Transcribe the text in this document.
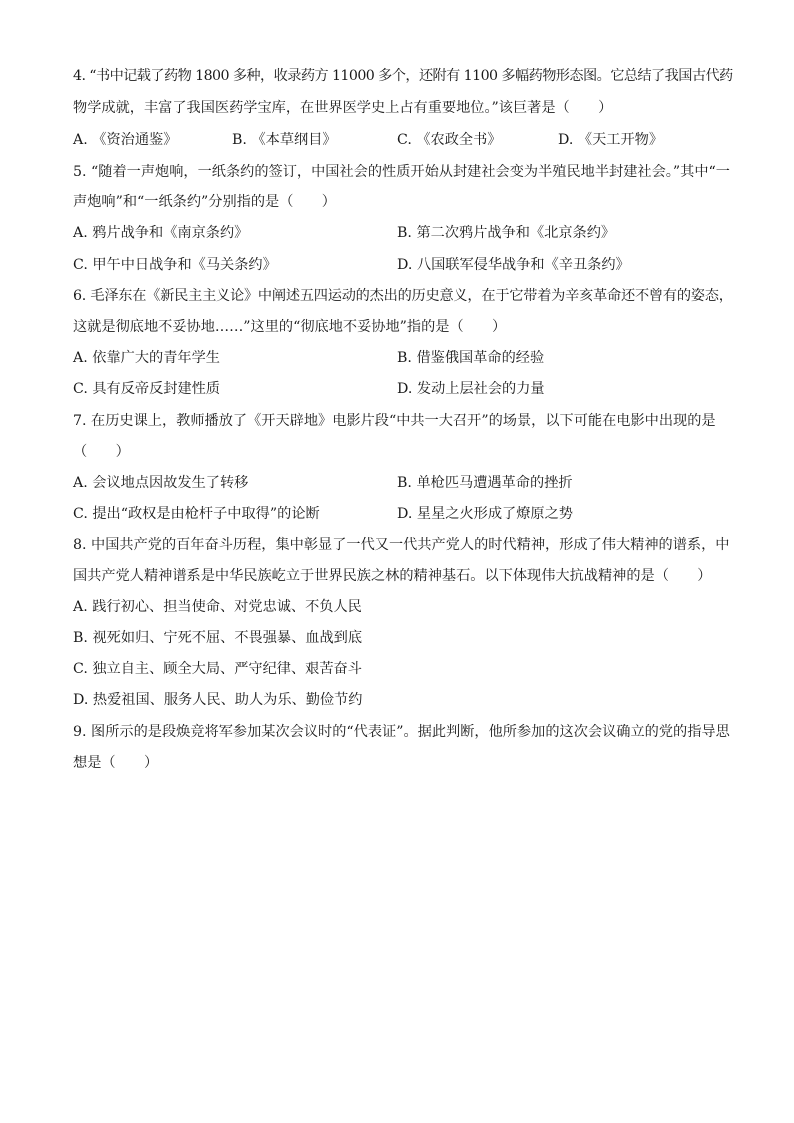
4. “书中记载了药物 1800 多种，收录药方 11000 多个，还附有 1100 多幅药物形态图。它总结了我国古代药
物学成就，丰富了我国医药学宝库，在世界医学史上占有重要地位。”该巨著是（　　）
A. 《资治通鉴》	B. 《本草纲目》	C. 《农政全书》	D. 《天工开物》
5. “随着一声炮响，一纸条约的签订，中国社会的性质开始从封建社会变为半殖民地半封建社会。”其中“一
声炮响”和“一纸条约”分别指的是（　　）
A. 鸦片战争和《南京条约》	B. 第二次鸦片战争和《北京条约》
C. 甲午中日战争和《马关条约》	D. 八国联军侵华战争和《辛丑条约》
6. 毛泽东在《新民主主义论》中阐述五四运动的杰出的历史意义，在于它带着为辛亥革命还不曾有的姿态，
这就是彻底地不妥协地……”这里的“彻底地不妥协地”指的是（　　）
A. 依靠广大的青年学生	B. 借鉴俄国革命的经验
C. 具有反帝反封建性质	D. 发动上层社会的力量
7. 在历史课上，教师播放了《开天辟地》电影片段“中共一大召开”的场景，以下可能在电影中出现的是
（　　）
A. 会议地点因故发生了转移	B. 单枪匹马遭遇革命的挫折
C. 提出“政权是由枪杆子中取得”的论断	D. 星星之火形成了燎原之势
8. 中国共产党的百年奋斗历程，集中彰显了一代又一代共产党人的时代精神，形成了伟大精神的谱系，中
国共产党人精神谱系是中华民族屹立于世界民族之林的精神基石。以下体现伟大抗战精神的是（　　）
A. 践行初心、担当使命、对党忠诚、不负人民
B. 视死如归、宁死不屈、不畏强暴、血战到底
C. 独立自主、顾全大局、严守纪律、艰苦奋斗
D. 热爱祖国、服务人民、助人为乐、勤俭节约
9. 图所示的是段焕竞将军参加某次会议时的“代表证”。据此判断，他所参加的这次会议确立的党的指导思
想是（　　）
